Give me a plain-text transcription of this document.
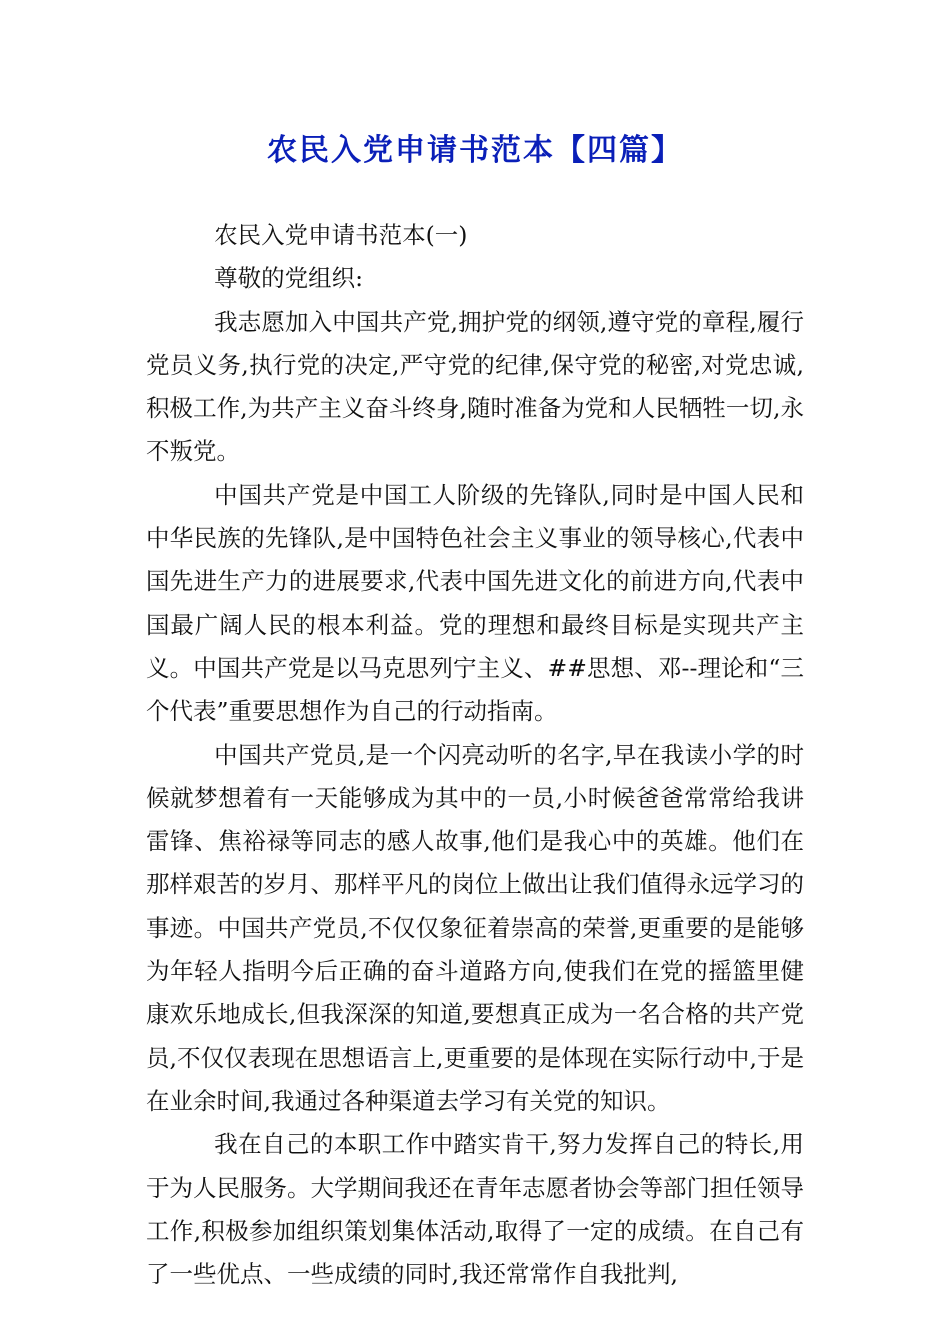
农民入党申请书范本【四篇】

农民入党申请书范本(一)

尊敬的党组织:

我志愿加入中国共产党,拥护党的纲领,遵守党的章程,履行党员义务,执行党的决定,严守党的纪律,保守党的秘密,对党忠诚,积极工作,为共产主义奋斗终身,随时准备为党和人民牺牲一切,永不叛党。

中国共产党是中国工人阶级的先锋队,同时是中国人民和中华民族的先锋队,是中国特色社会主义事业的领导核心,代表中国先进生产力的进展要求,代表中国先进文化的前进方向,代表中国最广阔人民的根本利益。党的理想和最终目标是实现共产主义。中国共产党是以马克思列宁主义、##思想、邓--理论和“三个代表”重要思想作为自己的行动指南。

中国共产党员,是一个闪亮动听的名字,早在我读小学的时候就梦想着有一天能够成为其中的一员,小时候爸爸常常给我讲雷锋、焦裕禄等同志的感人故事,他们是我心中的英雄。他们在那样艰苦的岁月、那样平凡的岗位上做出让我们值得永远学习的事迹。中国共产党员,不仅仅象征着崇高的荣誉,更重要的是能够为年轻人指明今后正确的奋斗道路方向,使我们在党的摇篮里健康欢乐地成长,但我深深的知道,要想真正成为一名合格的共产党员,不仅仅表现在思想语言上,更重要的是体现在实际行动中,于是在业余时间,我通过各种渠道去学习有关党的知识。

我在自己的本职工作中踏实肯干,努力发挥自己的特长,用于为人民服务。大学期间我还在青年志愿者协会等部门担任领导工作,积极参加组织策划集体活动,取得了一定的成绩。在自己有了一些优点、一些成绩的同时,我还常常作自我批判,
